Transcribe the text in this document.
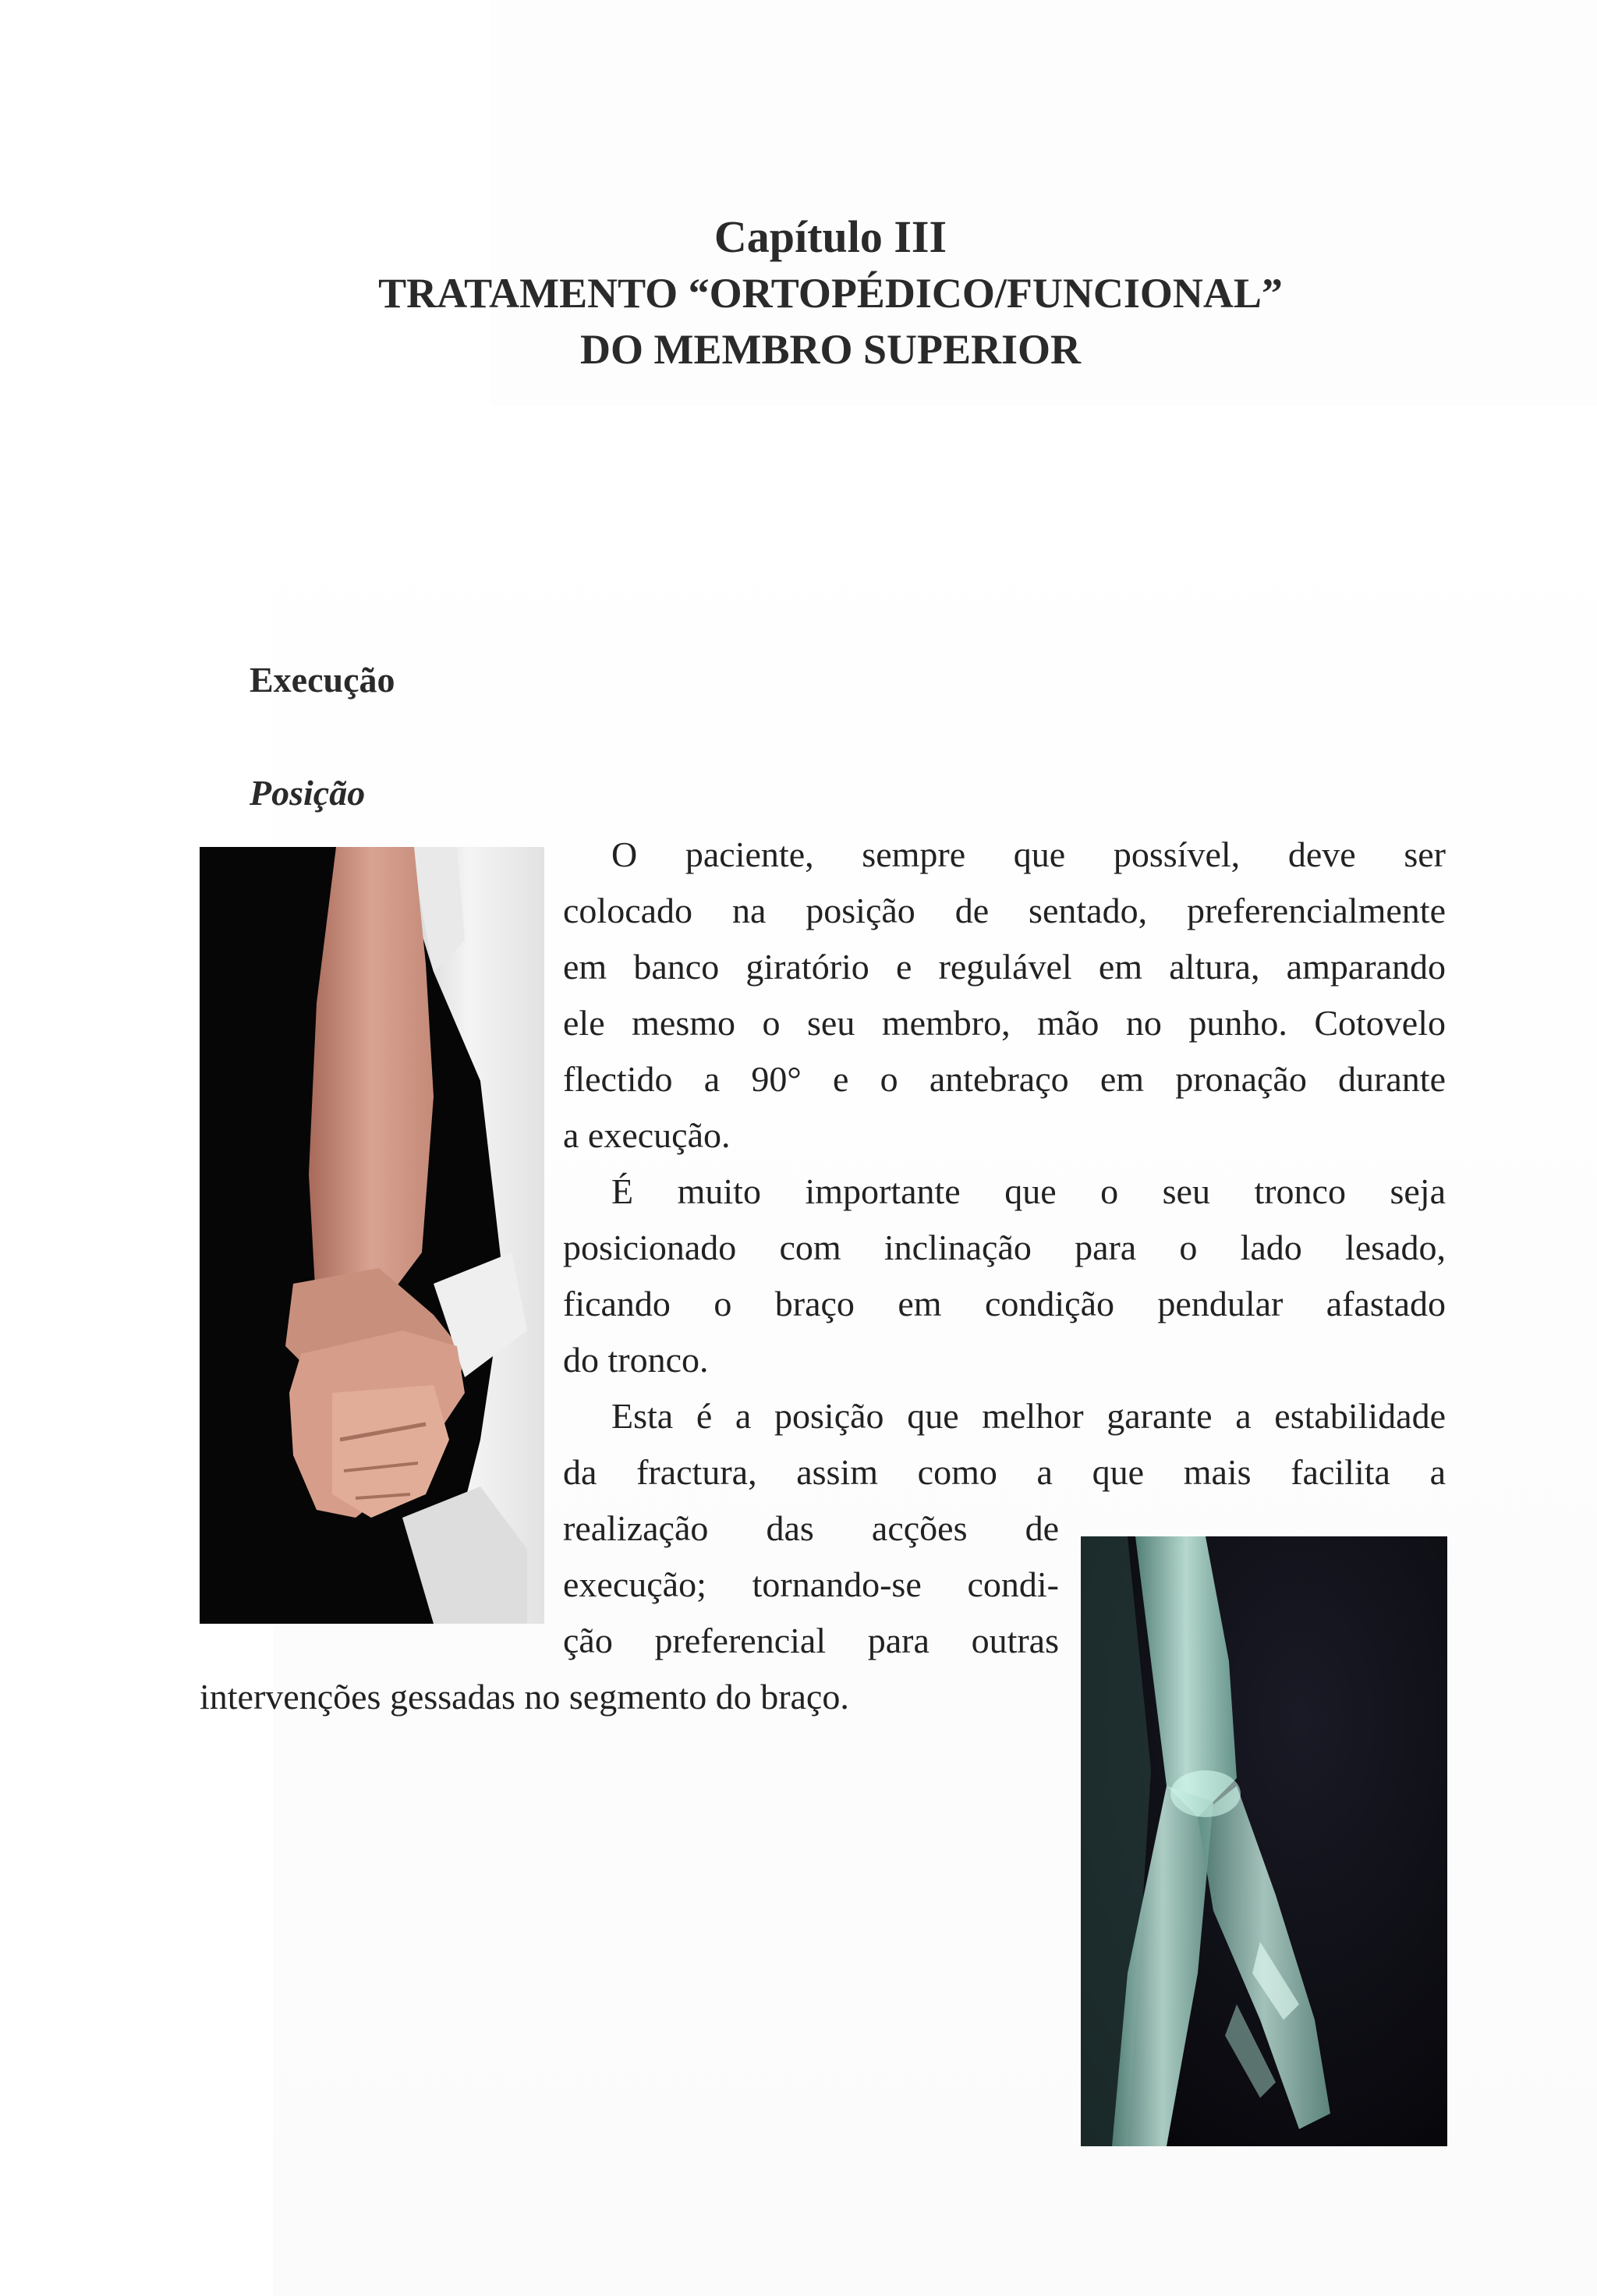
Capítulo III
TRATAMENTO “ORTOPÉDICO/FUNCIONAL”
DO MEMBRO SUPERIOR
Execução
Posição
O paciente, sempre que possível, deve ser
colocado na posição de sentado, preferencialmente
em banco giratório e regulável em altura, amparando
ele mesmo o seu membro, mão no punho. Cotovelo
flectido a 90° e o antebraço em pronação durante
a execução.
É muito importante que o seu tronco seja
posicionado com inclinação para o lado lesado,
ficando o braço em condição pendular afastado
do tronco.
Esta é a posição que melhor garante a estabilidade
da fractura, assim como a que mais facilita a
realização das acções de
execução; tornando-se condi-
ção preferencial para outras
intervenções gessadas no segmento do braço.
